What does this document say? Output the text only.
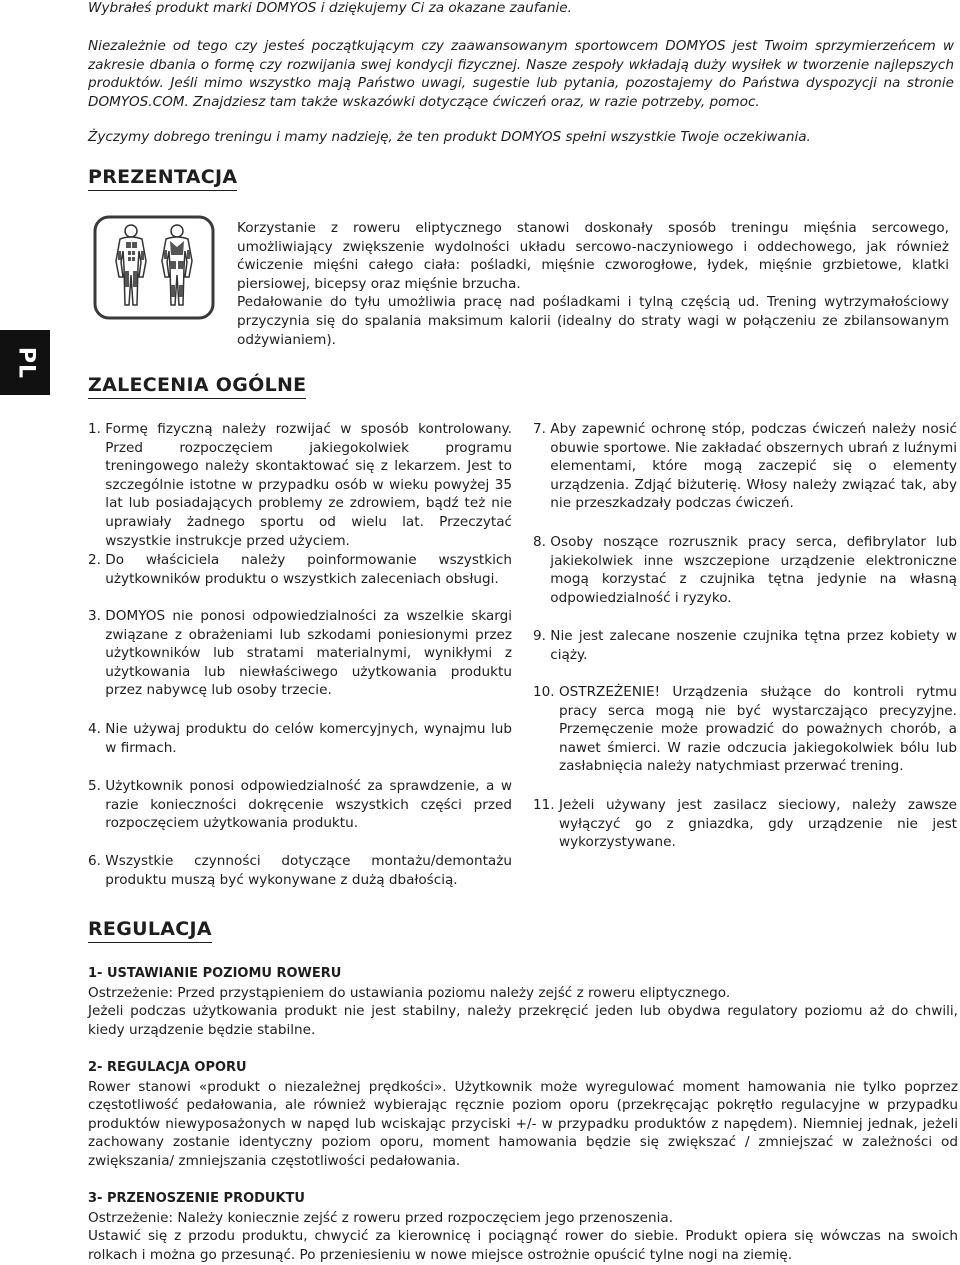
Wybrałeś produkt marki DOMYOS i dziękujemy Ci za okazane zaufanie.

Niezależnie od tego czy jesteś początkującym czy zaawansowanym sportowcem DOMYOS jest Twoim sprzymierzeńcem w zakresie dbania o formę czy rozwijania swej kondycji fizycznej. Nasze zespoły wkładają duży wysiłek w tworzenie najlepszych produktów. Jeśli mimo wszystko mają Państwo uwagi, sugestie lub pytania, pozostajemy do Państwa dyspozycji na stronie DOMYOS.COM. Znajdziesz tam także wskazówki dotyczące ćwiczeń oraz, w razie potrzeby, pomoc.

Życzymy dobrego treningu i mamy nadzieję, że ten produkt DOMYOS spełni wszystkie Twoje oczekiwania.

PREZENTACJA

Korzystanie z roweru eliptycznego stanowi doskonały sposób treningu mięśnia sercowego, umożliwiający zwiększenie wydolności układu sercowo-naczyniowego i oddechowego, jak również ćwiczenie mięśni całego ciała: pośladki, mięśnie czworogłowe, łydek, mięśnie grzbietowe, klatki piersiowej, bicepsy oraz mięśnie brzucha.

Pedałowanie do tyłu umożliwia pracę nad pośladkami i tylną częścią ud. Trening wytrzymałościowy przyczynia się do spalania maksimum kalorii (idealny do straty wagi w połączeniu ze zbilansowanym odżywianiem).

PL
ZALECENIA OGÓLNE
1. Formę fizyczną należy rozwijać w sposób kontrolowany. Przed rozpoczęciem jakiegokolwiek programu treningowego należy skontaktować się z lekarzem. Jest to szczególnie istotne w przypadku osób w wieku powyżej 35 lat lub posiadających problemy ze zdrowiem, bądź też nie uprawiały żadnego sportu od wielu lat. Przeczytać wszystkie instrukcje przed użyciem.
2. Do właściciela należy poinformowanie wszystkich użytkowników produktu o wszystkich zaleceniach obsługi.
3. DOMYOS nie ponosi odpowiedzialności za wszelkie skargi związane z obrażeniami lub szkodami poniesionymi przez użytkowników lub stratami materialnymi, wynikłymi z użytkowania lub niewłaściwego użytkowania produktu przez nabywcę lub osoby trzecie.
4. Nie używaj produktu do celów komercyjnych, wynajmu lub w firmach.
5. Użytkownik ponosi odpowiedzialność za sprawdzenie, a w razie konieczności dokręcenie wszystkich części przed rozpoczęciem użytkowania produktu.
6. Wszystkie czynności dotyczące montażu/demontażu produktu muszą być wykonywane z dużą dbałością.
7. Aby zapewnić ochronę stóp, podczas ćwiczeń należy nosić obuwie sportowe. Nie zakładać obszernych ubrań z luźnymi elementami, które mogą zaczepić się o elementy urządzenia. Zdjąć biżuterię. Włosy należy związać tak, aby nie przeszkadzały podczas ćwiczeń.
8. Osoby noszące rozrusznik pracy serca, defibrylator lub jakiekolwiek inne wszczepione urządzenie elektroniczne mogą korzystać z czujnika tętna jedynie na własną odpowiedzialność i ryzyko.
9. Nie jest zalecane noszenie czujnika tętna przez kobiety w ciąży.
10. OSTRZEŻENIE! Urządzenia służące do kontroli rytmu pracy serca mogą nie być wystarczająco precyzyjne. Przemęczenie może prowadzić do poważnych chorób, a nawet śmierci. W razie odczucia jakiegokolwiek bólu lub zasłabnięcia należy natychmiast przerwać trening.
11. Jeżeli używany jest zasilacz sieciowy, należy zawsze wyłączyć go z gniazdka, gdy urządzenie nie jest wykorzystywane.
REGULACJA

1- USTAWIANIE POZIOMU ROWERU

Ostrzeżenie: Przed przystąpieniem do ustawiania poziomu należy zejść z roweru eliptycznego.

Jeżeli podczas użytkowania produkt nie jest stabilny, należy przekręcić jeden lub obydwa regulatory poziomu aż do chwili, kiedy urządzenie będzie stabilne.

2- REGULACJA OPORU

Rower stanowi «produkt o niezależnej prędkości». Użytkownik może wyregulować moment hamowania nie tylko poprzez częstotliwość pedałowania, ale również wybierając ręcznie poziom oporu (przekręcając pokrętło regulacyjne w przypadku produktów niewyposażonych w napęd lub wciskając przyciski +/- w przypadku produktów z napędem). Niemniej jednak, jeżeli zachowany zostanie identyczny poziom oporu, moment hamowania będzie się zwiększać / zmniejszać w zależności od zwiększania/ zmniejszania częstotliwości pedałowania.

3- PRZENOSZENIE PRODUKTU

Ostrzeżenie: Należy koniecznie zejść z roweru przed rozpoczęciem jego przenoszenia.

Ustawić się z przodu produktu, chwycić za kierownicę i pociągnąć rower do siebie. Produkt opiera się wówczas na swoich rolkach i można go przesunąć. Po przeniesieniu w nowe miejsce ostrożnie opuścić tylne nogi na ziemię.
